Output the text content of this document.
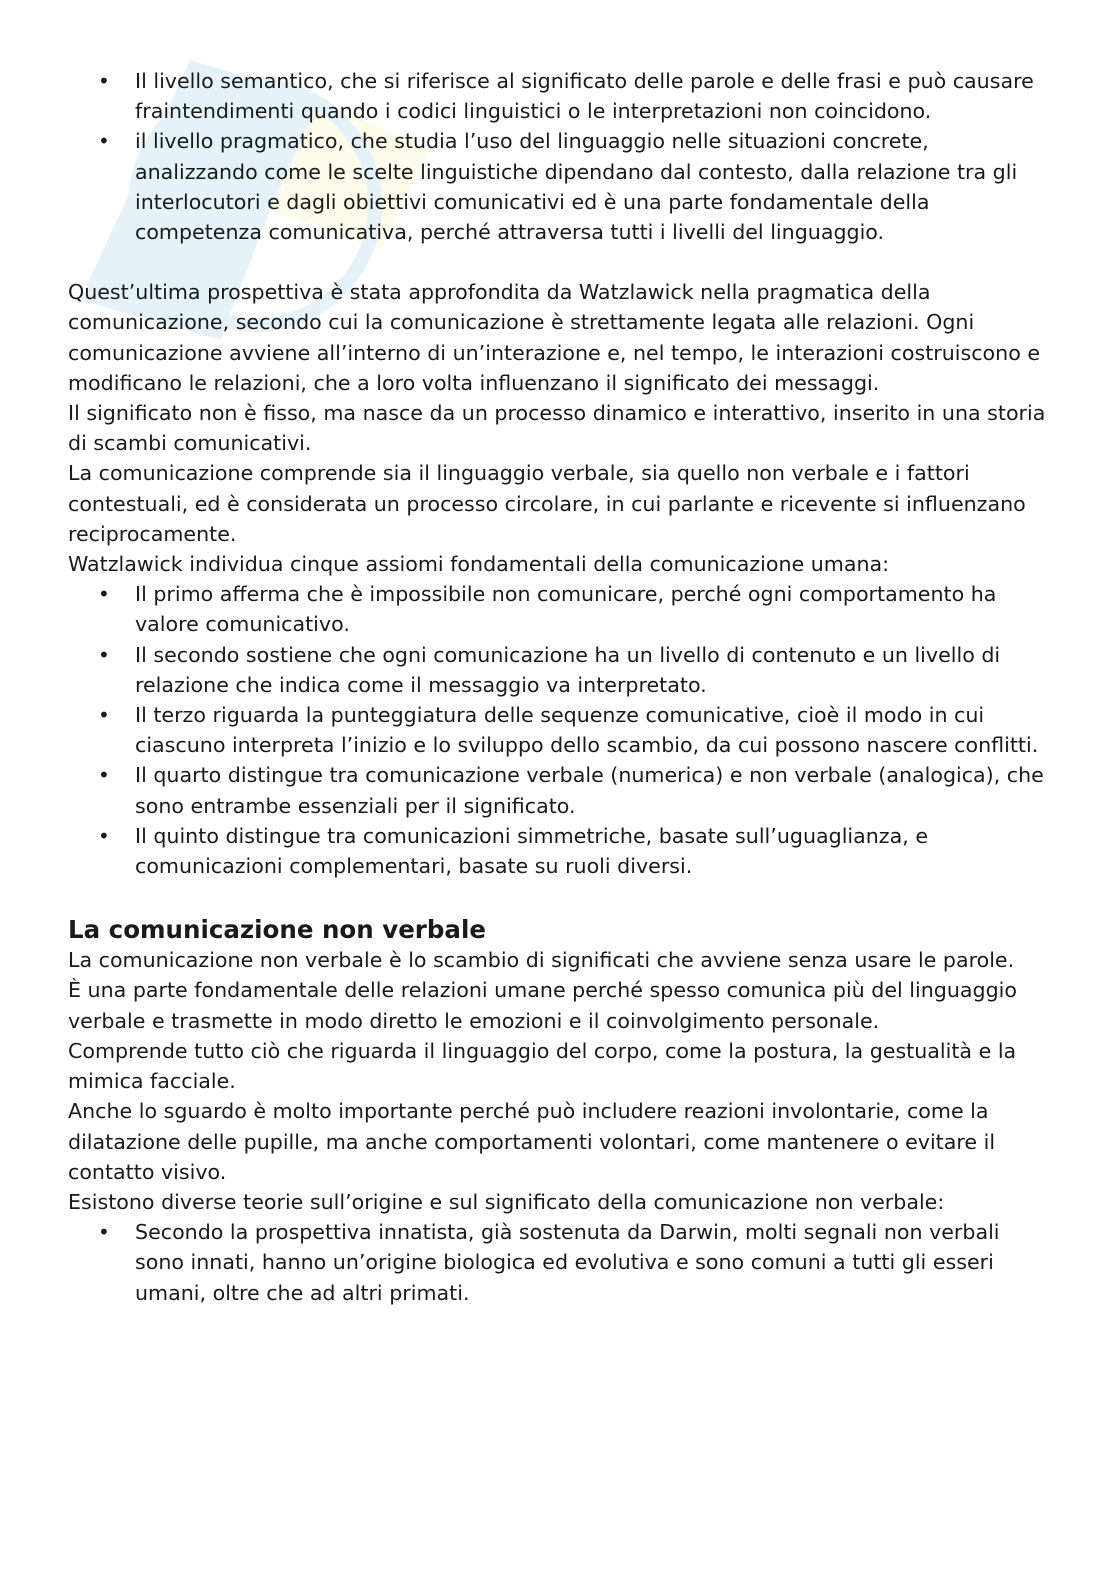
• Il livello semantico, che si riferisce al significato delle parole e delle frasi e può causare fraintendimenti quando i codici linguistici o le interpretazioni non coincidono.
• il livello pragmatico, che studia l’uso del linguaggio nelle situazioni concrete, analizzando come le scelte linguistiche dipendano dal contesto, dalla relazione tra gli interlocutori e dagli obiettivi comunicativi ed è una parte fondamentale della competenza comunicativa, perché attraversa tutti i livelli del linguaggio.

Quest’ultima prospettiva è stata approfondita da Watzlawick nella pragmatica della comunicazione, secondo cui la comunicazione è strettamente legata alle relazioni. Ogni comunicazione avviene all’interno di un’interazione e, nel tempo, le interazioni costruiscono e modificano le relazioni, che a loro volta influenzano il significato dei messaggi.

Il significato non è fisso, ma nasce da un processo dinamico e interattivo, inserito in una storia di scambi comunicativi.

La comunicazione comprende sia il linguaggio verbale, sia quello non verbale e i fattori contestuali, ed è considerata un processo circolare, in cui parlante e ricevente si influenzano reciprocamente.

Watzlawick individua cinque assiomi fondamentali della comunicazione umana:

• Il primo afferma che è impossibile non comunicare, perché ogni comportamento ha valore comunicativo.
• Il secondo sostiene che ogni comunicazione ha un livello di contenuto e un livello di relazione che indica come il messaggio va interpretato.
• Il terzo riguarda la punteggiatura delle sequenze comunicative, cioè il modo in cui ciascuno interpreta l’inizio e lo sviluppo dello scambio, da cui possono nascere conflitti.
• Il quarto distingue tra comunicazione verbale (numerica) e non verbale (analogica), che sono entrambe essenziali per il significato.
• Il quinto distingue tra comunicazioni simmetriche, basate sull’uguaglianza, e comunicazioni complementari, basate su ruoli diversi.
La comunicazione non verbale

La comunicazione non verbale è lo scambio di significati che avviene senza usare le parole.

È una parte fondamentale delle relazioni umane perché spesso comunica più del linguaggio verbale e trasmette in modo diretto le emozioni e il coinvolgimento personale.

Comprende tutto ciò che riguarda il linguaggio del corpo, come la postura, la gestualità e la mimica facciale.

Anche lo sguardo è molto importante perché può includere reazioni involontarie, come la dilatazione delle pupille, ma anche comportamenti volontari, come mantenere o evitare il contatto visivo.

Esistono diverse teorie sull’origine e sul significato della comunicazione non verbale:

• Secondo la prospettiva innatista, già sostenuta da Darwin, molti segnali non verbali sono innati, hanno un’origine biologica ed evolutiva e sono comuni a tutti gli esseri umani, oltre che ad altri primati.
